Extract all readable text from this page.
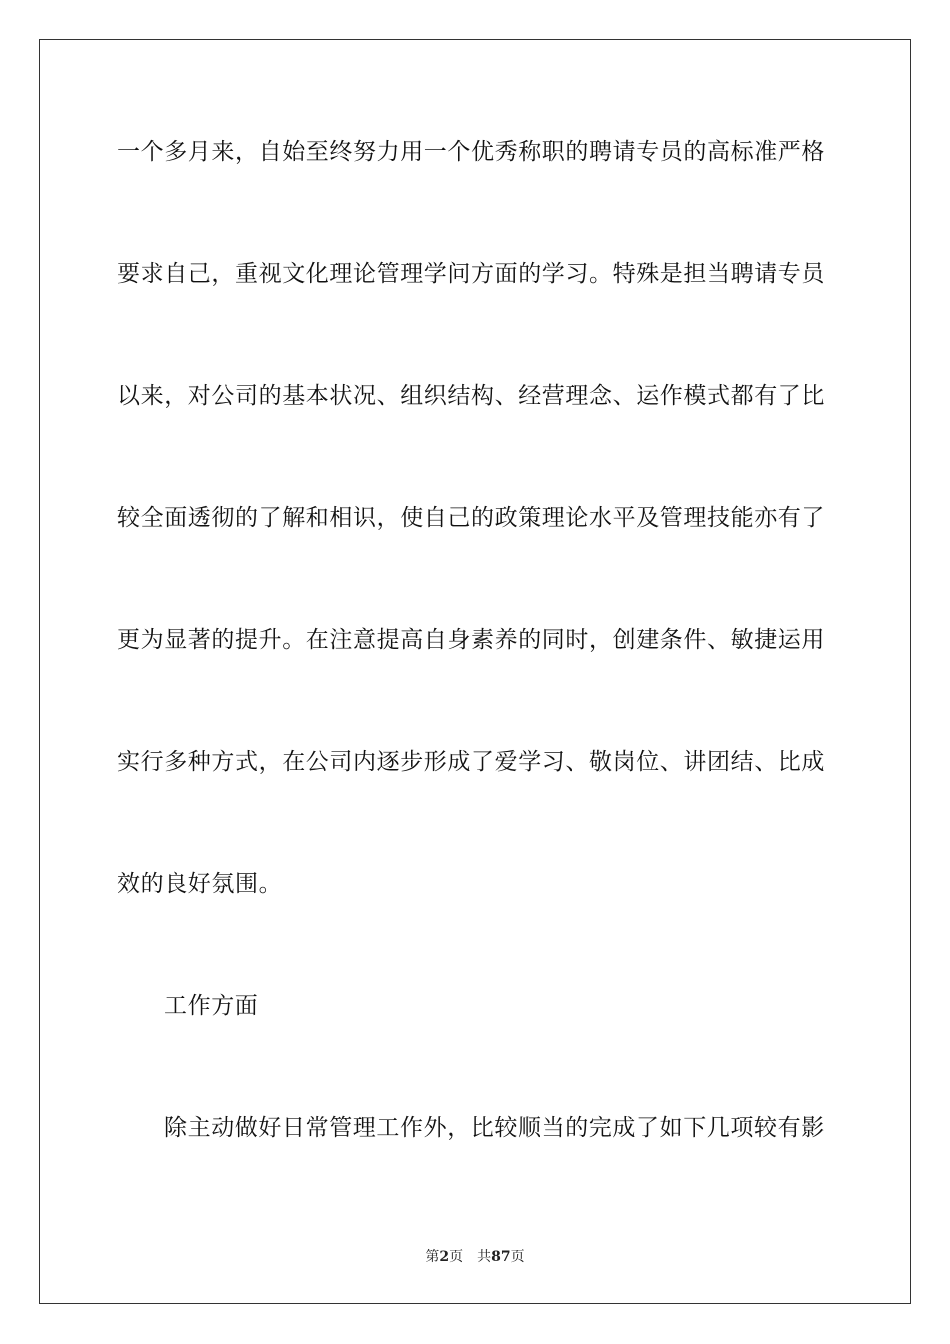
一个多月来，自始至终努力用一个优秀称职的聘请专员的高标准严格
要求自己，重视文化理论管理学问方面的学习。特殊是担当聘请专员
以来，对公司的基本状况、组织结构、经营理念、运作模式都有了比
较全面透彻的了解和相识，使自己的政策理论水平及管理技能亦有了
更为显著的提升。在注意提高自身素养的同时，创建条件、敏捷运用
实行多种方式，在公司内逐步形成了爱学习、敬岗位、讲团结、比成
效的良好氛围。
工作方面
除主动做好日常管理工作外，比较顺当的完成了如下几项较有影
第2页 共87页
